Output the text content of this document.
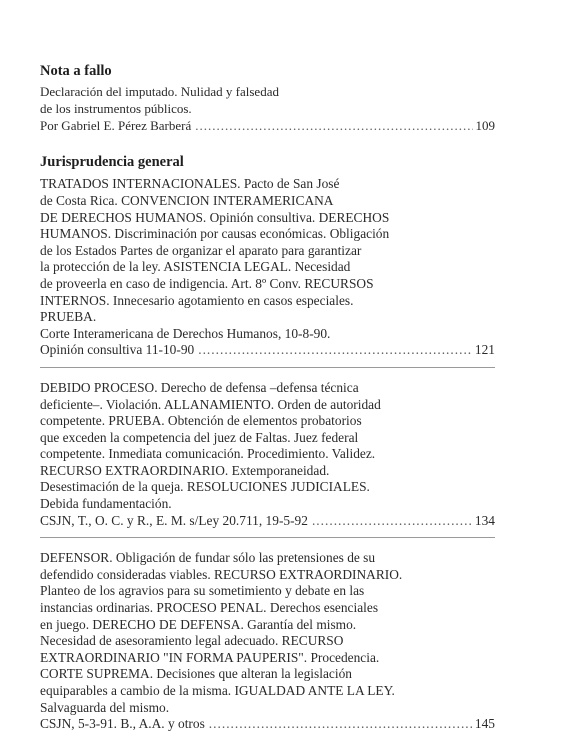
Nota a fallo
Declaración del imputado. Nulidad y falsedad
de los instrumentos públicos.
Por Gabriel E. Pérez Barberá .....	109
Jurisprudencia general
TRATADOS INTERNACIONALES. Pacto de San José
de Costa Rica. CONVENCION INTERAMERICANA
DE DERECHOS HUMANOS. Opinión consultiva. DERECHOS
HUMANOS. Discriminación por causas económicas. Obligación
de los Estados Partes de organizar el aparato para garantizar
la protección de la ley. ASISTENCIA LEGAL. Necesidad
de proveerla en caso de indigencia. Art. 8º Conv. RECURSOS
INTERNOS. Innecesario agotamiento en casos especiales.
PRUEBA.
Corte Interamericana de Derechos Humanos, 10-8-90.
Opinión consultiva 11-10-90 .....	121
DEBIDO PROCESO. Derecho de defensa –defensa técnica
deficiente–. Violación. ALLANAMIENTO. Orden de autoridad
competente. PRUEBA. Obtención de elementos probatorios
que exceden la competencia del juez de Faltas. Juez federal
competente. Inmediata comunicación. Procedimiento. Validez.
RECURSO EXTRAORDINARIO. Extemporaneidad.
Desestimación de la queja. RESOLUCIONES JUDICIALES.
Debida fundamentación.
CSJN, T., O. C. y R., E. M. s/Ley 20.711, 19-5-92 .....	134
DEFENSOR. Obligación de fundar sólo las pretensiones de su
defendido consideradas viables. RECURSO EXTRAORDINARIO.
Planteo de los agravios para su sometimiento y debate en las
instancias ordinarias. PROCESO PENAL. Derechos esenciales
en juego. DERECHO DE DEFENSA. Garantía del mismo.
Necesidad de asesoramiento legal adecuado. RECURSO
EXTRAORDINARIO "IN FORMA PAUPERIS". Procedencia.
CORTE SUPREMA. Decisiones que alteran la legislación
equiparables a cambio de la misma. IGUALDAD ANTE LA LEY.
Salvaguarda del mismo.
CSJN, 5-3-91. B., A.A. y otros .....	145
